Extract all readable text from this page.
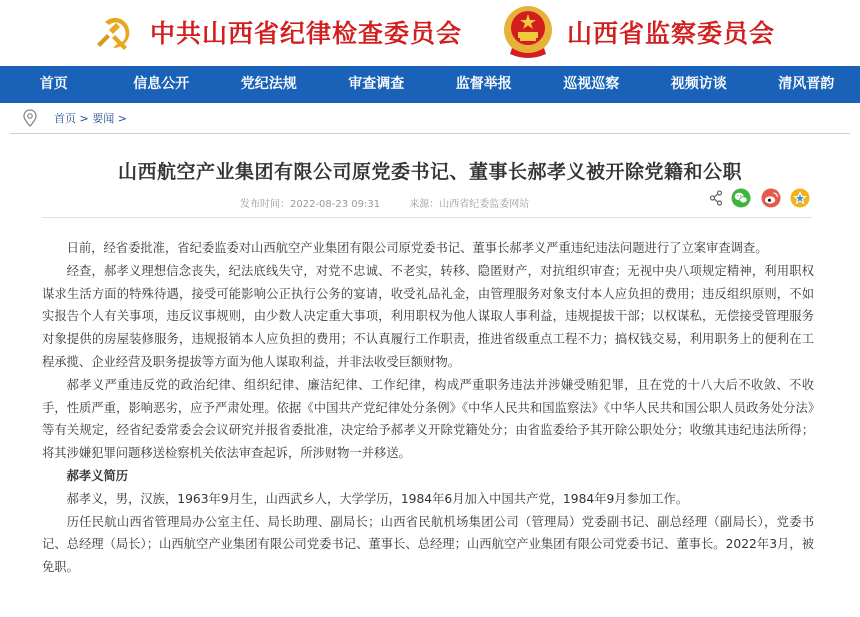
中共山西省纪律检查委员会	山西省监察委员会
首页	信息公开	党纪法规	审查调查	监督举报	巡视巡察	视频访谈	清风晋韵
首页 > 要闻 >
山西航空产业集团有限公司原党委书记、董事长郝孝义被开除党籍和公职
发布时间：2022-08-23 09:31	来源：山西省纪委监委网站

日前，经省委批准，省纪委监委对山西航空产业集团有限公司原党委书记、董事长郝孝义严重违纪违法问题进行了立案审查调查。

经查，郝孝义理想信念丧失，纪法底线失守，对党不忠诚、不老实，转移、隐匿财产，对抗组织审查；无视中央八项规定精神，利用职权谋求生活方面的特殊待遇，接受可能影响公正执行公务的宴请，收受礼品礼金，由管理服务对象支付本人应负担的费用；违反组织原则，不如实报告个人有关事项，违反议事规则，由少数人决定重大事项，利用职权为他人谋取人事利益，违规提拔干部；以权谋私，无偿接受管理服务对象提供的房屋装修服务，违规报销本人应负担的费用；不认真履行工作职责，推进省级重点工程不力；搞权钱交易，利用职务上的便利在工程承揽、企业经营及职务提拔等方面为他人谋取利益，并非法收受巨额财物。

郝孝义严重违反党的政治纪律、组织纪律、廉洁纪律、工作纪律，构成严重职务违法并涉嫌受贿犯罪，且在党的十八大后不收敛、不收手，性质严重，影响恶劣，应予严肃处理。依据《中国共产党纪律处分条例》《中华人民共和国监察法》《中华人民共和国公职人员政务处分法》等有关规定，经省纪委常委会会议研究并报省委批准，决定给予郝孝义开除党籍处分；由省监委给予其开除公职处分；收缴其违纪违法所得；将其涉嫌犯罪问题移送检察机关依法审查起诉，所涉财物一并移送。

郝孝义简历

郝孝义，男，汉族，1963年9月生，山西武乡人，大学学历，1984年6月加入中国共产党，1984年9月参加工作。

历任民航山西省管理局办公室主任、局长助理、副局长；山西省民航机场集团公司（管理局）党委副书记、副总经理（副局长），党委书记、总经理（局长）；山西航空产业集团有限公司党委书记、董事长、总经理；山西航空产业集团有限公司党委书记、董事长。2022年3月，被免职。
